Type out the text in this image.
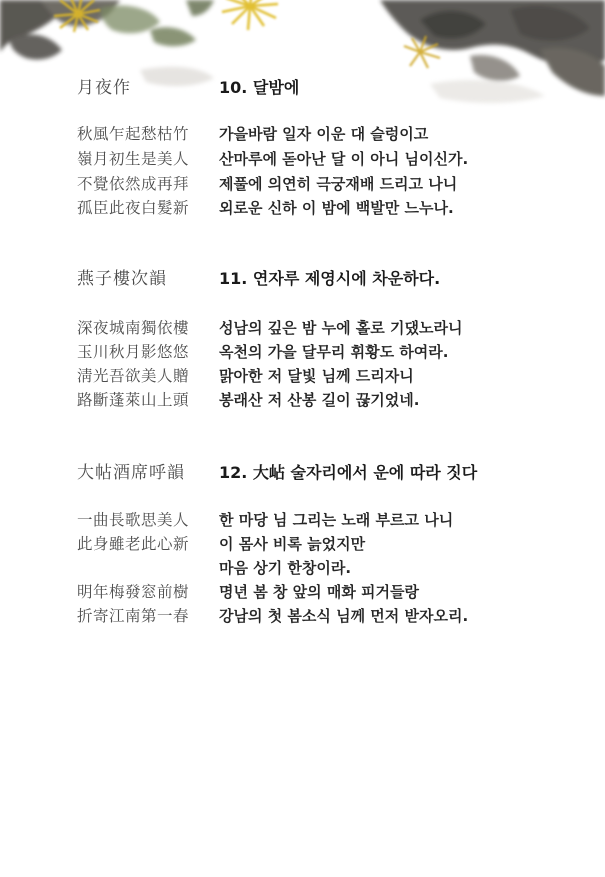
月夜作	10. 달밤에
秋風乍起愁枯竹
嶺月初生是美人
不覺依然成再拜
孤臣此夜白髮新
가을바람 일자 이운 대 슬렁이고
산마루에 돋아난 달 이 아니 님이신가.
제풀에 의연히 극궁재배 드리고 나니
외로운 신하 이 밤에 백발만 느누나.
燕子樓次韻	11. 연자루 제영시에 차운하다.
深夜城南獨依樓
玉川秋月影悠悠
淸光吾欲美人贈
路斷蓬萊山上頭
성남의 깊은 밤 누에 홀로 기댔노라니
옥천의 가을 달무리 휘황도 하여라.
맑아한 저 달빛 님께 드리자니
봉래산 저 산봉 길이 끊기었네.
大帖酒席呼韻 12. 大岾 술자리에서 운에 따라 짓다
一曲長歌思美人
此身雖老此心新
明年梅發窓前樹
折寄江南第一春
한 마당 님 그리는 노래 부르고 나니
이 몸사 비록 늙었지만
마음 상기 한창이라.
명년 봄 창 앞의 매화 피거들랑
강남의 첫 봄소식 님께 먼저 받자오리.
